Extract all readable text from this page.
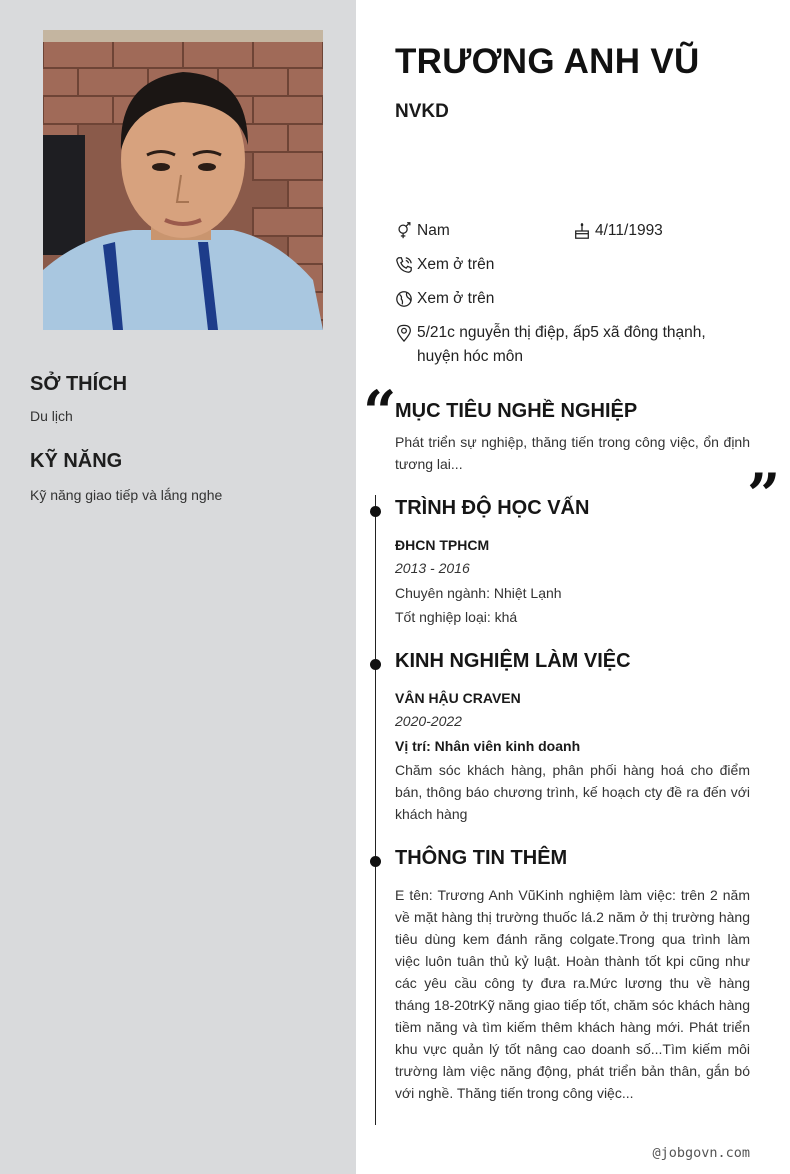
SỞ THÍCH
Du lịch
KỸ NĂNG
Kỹ năng giao tiếp và lắng nghe
TRƯƠNG ANH VŨ
NVKD
Nam	4/11/1993
Xem ở trên
Xem ở trên
5/21c nguyễn thị điệp, ấp5 xã đông thạnh, huyện hóc môn
“
MỤC TIÊU NGHỀ NGHIỆP
Phát triển sự nghiệp, thăng tiến trong công việc, ổn định tương lai...	”
TRÌNH ĐỘ HỌC VẤN
ĐHCN TPHCM
2013 - 2016
Chuyên ngành: Nhiệt Lạnh
Tốt nghiệp loại: khá
KINH NGHIỆM LÀM VIỆC
VÂN HẬU CRAVEN
2020-2022
Vị trí: Nhân viên kinh doanh
Chăm sóc khách hàng, phân phối hàng hoá cho điểm bán, thông báo chương trình, kế hoạch cty đề ra đến với khách hàng
THÔNG TIN THÊM
E tên: Trương Anh VũKinh nghiệm làm việc: trên 2 năm về mặt hàng thị trường thuốc lá.2 năm ở thị trường hàng tiêu dùng kem đánh răng colgate.Trong qua trình làm việc luôn tuân thủ kỷ luật. Hoàn thành tốt kpi cũng như các yêu cầu công ty đưa ra.Mức lương thu về hàng tháng 18-20trKỹ năng giao tiếp tốt, chăm sóc khách hàng tiềm năng và tìm kiếm thêm khách hàng mới. Phát triển khu vực quản lý tốt nâng cao doanh số...Tìm kiếm môi trường làm việc năng động, phát triển bản thân, gắn bó với nghề. Thăng tiến trong công việc...
@jobgovn.com
